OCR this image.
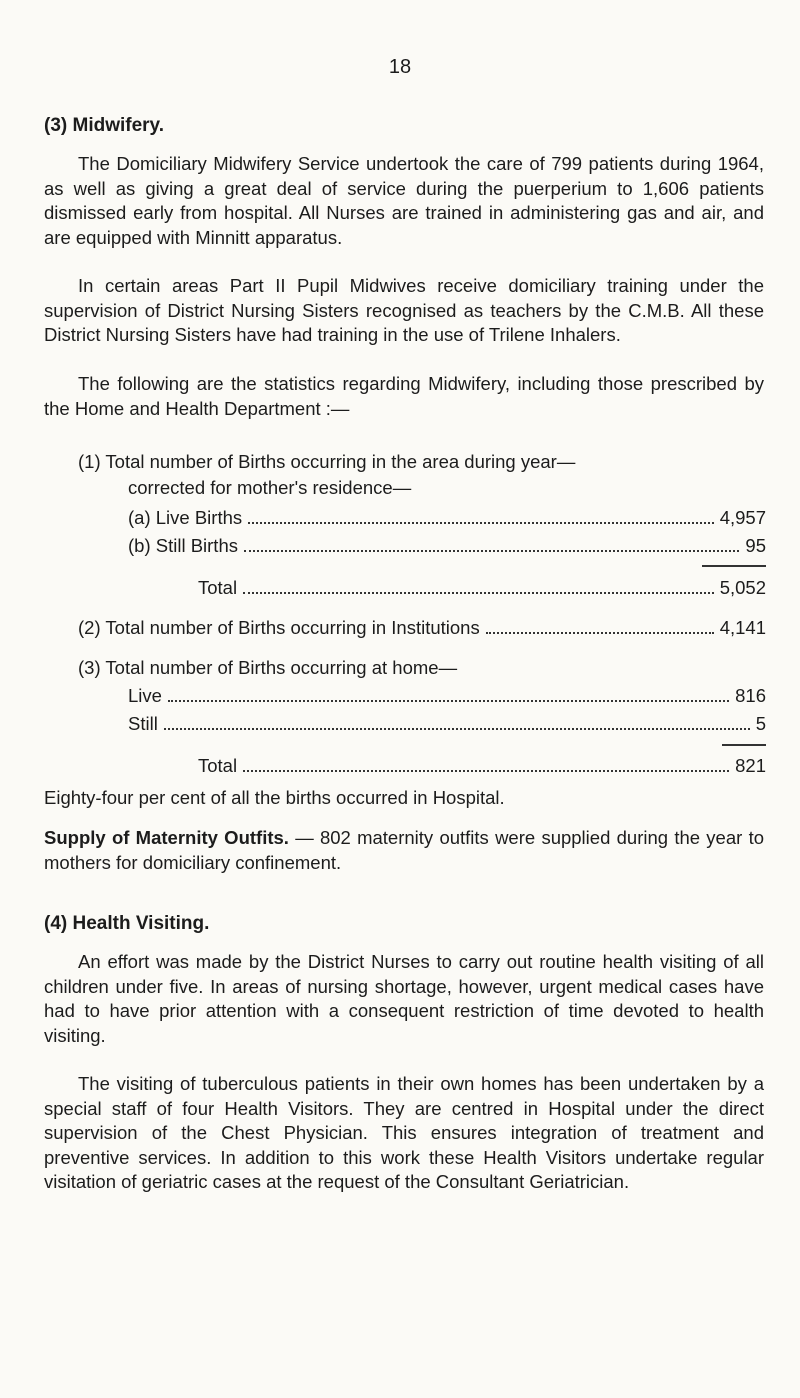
18
(3) Midwifery.

The Domiciliary Midwifery Service undertook the care of 799 patients during 1964, as well as giving a great deal of service during the puerperium to 1,606 patients dismissed early from hospital. All Nurses are trained in administering gas and air, and are equipped with Minnitt apparatus.

In certain areas Part II Pupil Midwives receive domiciliary training under the supervision of District Nursing Sisters recognised as teachers by the C.M.B. All these District Nursing Sisters have had training in the use of Trilene Inhalers.

The following are the statistics regarding Midwifery, including those prescribed by the Home and Health Department :—

(1) Total number of Births occurring in the area during year—
corrected for mother's residence—
(a) Live Births	4,957
(b) Still Births	95
Total	5,052
(2) Total number of Births occurring in Institutions	4,141
(3) Total number of Births occurring at home—
Live	816
Still	5
Total	821

Eighty-four per cent of all the births occurred in Hospital.

Supply of Maternity Outfits. — 802 maternity outfits were supplied during the year to mothers for domiciliary confinement.

(4) Health Visiting.

An effort was made by the District Nurses to carry out routine health visiting of all children under five. In areas of nursing shortage, however, urgent medical cases have had to have prior attention with a consequent restriction of time devoted to health visiting.

The visiting of tuberculous patients in their own homes has been undertaken by a special staff of four Health Visitors. They are centred in Hospital under the direct supervision of the Chest Physician. This ensures integration of treatment and preventive services. In addition to this work these Health Visitors undertake regular visitation of geriatric cases at the request of the Consultant Geriatrician.
